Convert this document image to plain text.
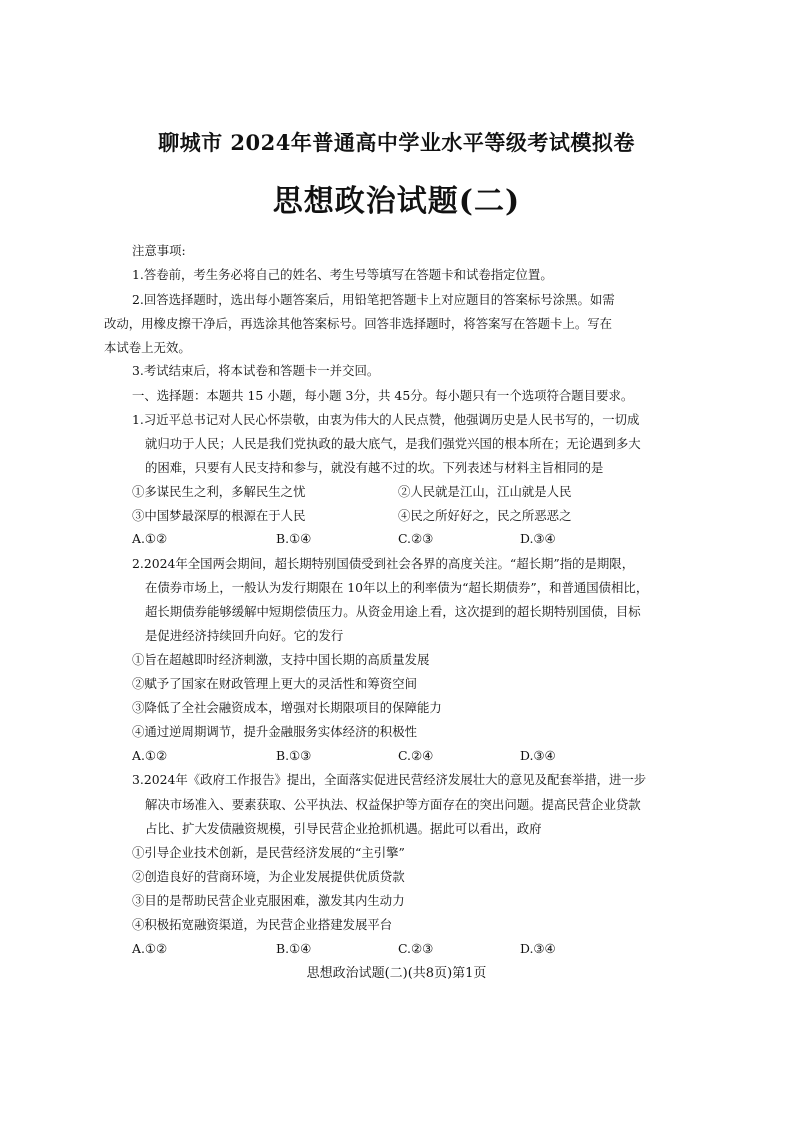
聊城市 2024年普通高中学业水平等级考试模拟卷
思想政治试题(二)
注意事项:
1.答卷前，考生务必将自己的姓名、考生号等填写在答题卡和试卷指定位置。
2.回答选择题时，选出每小题答案后，用铅笔把答题卡上对应题目的答案标号涂黑。如需
改动，用橡皮擦干净后，再选涂其他答案标号。回答非选择题时，将答案写在答题卡上。写在
本试卷上无效。
3.考试结束后，将本试卷和答题卡一并交回。
一、选择题：本题共 15 小题，每小题 3分，共 45分。每小题只有一个选项符合题目要求。
1.习近平总书记对人民心怀崇敬，由衷为伟大的人民点赞，他强调历史是人民书写的，一切成
就归功于人民；人民是我们党执政的最大底气，是我们强党兴国的根本所在；无论遇到多大
的困难，只要有人民支持和参与，就没有越不过的坎。下列表述与材料主旨相同的是
①多谋民生之利，多解民生之忧	②人民就是江山，江山就是人民
③中国梦最深厚的根源在于人民	④民之所好好之，民之所恶恶之
A.①②	B.①④	C.②③	D.③④
2.2024年全国两会期间，超长期特别国债受到社会各界的高度关注。“超长期”指的是期限，
在债券市场上，一般认为发行期限在 10年以上的利率债为“超长期债券”，和普通国债相比，
超长期债券能够缓解中短期偿债压力。从资金用途上看，这次提到的超长期特别国债，目标
是促进经济持续回升向好。它的发行
①旨在超越即时经济刺激，支持中国长期的高质量发展
②赋予了国家在财政管理上更大的灵活性和筹资空间
③降低了全社会融资成本，增强对长期限项目的保障能力
④通过逆周期调节，提升金融服务实体经济的积极性
A.①②	B.①③	C.②④	D.③④
3.2024年《政府工作报告》提出，全面落实促进民营经济发展壮大的意见及配套举措，进一步
解决市场准入、要素获取、公平执法、权益保护等方面存在的突出问题。提高民营企业贷款
占比、扩大发债融资规模，引导民营企业抢抓机遇。据此可以看出，政府
①引导企业技术创新，是民营经济发展的“主引擎”
②创造良好的营商环境，为企业发展提供优质贷款
③目的是帮助民营企业克服困难，激发其内生动力
④积极拓宽融资渠道，为民营企业搭建发展平台
A.①②	B.①④	C.②③	D.③④
思想政治试题(二)(共8页)第1页
